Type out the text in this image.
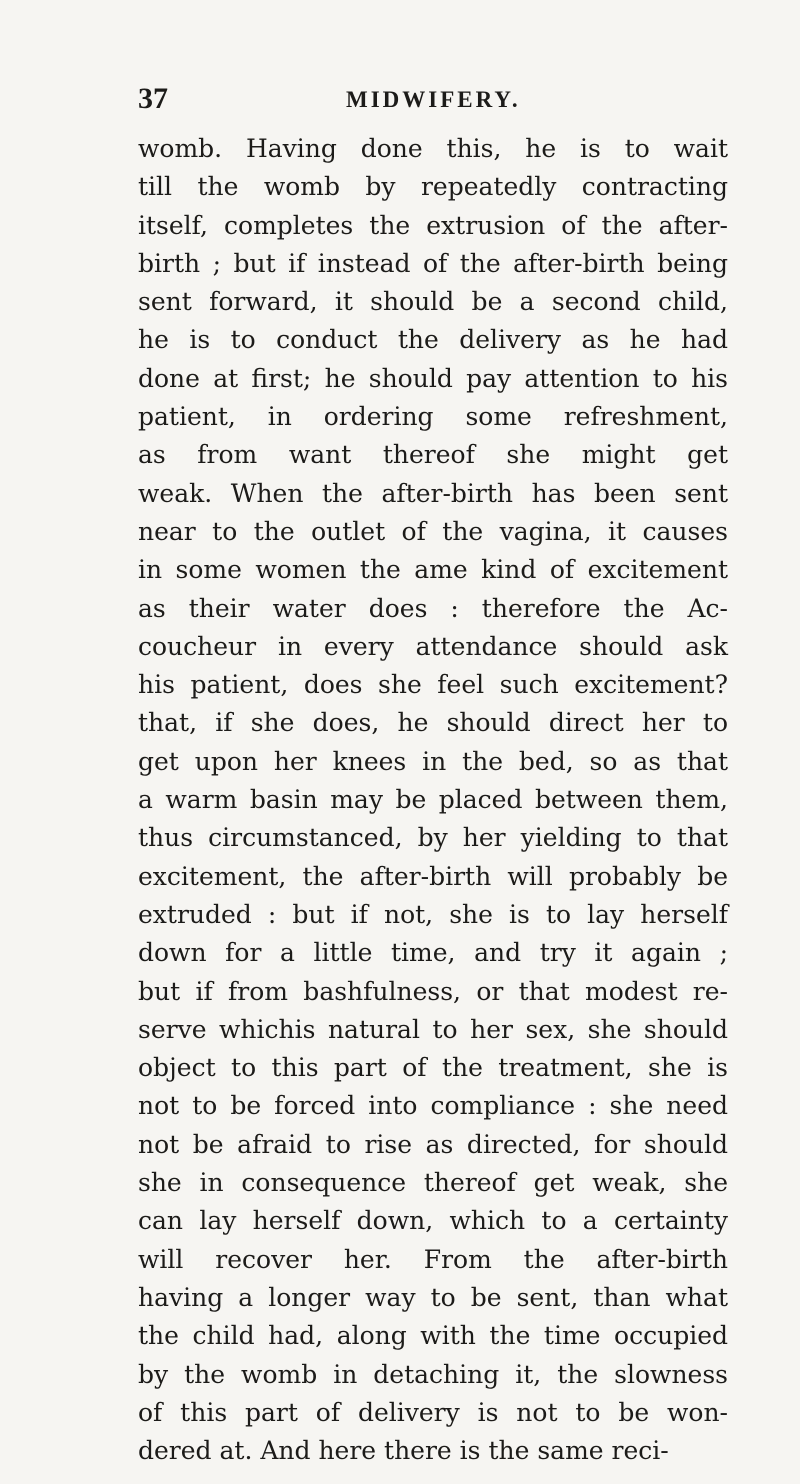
37	MIDWIFERY.
womb. Having done this, he is to wait
till the womb by repeatedly contracting
itself, completes the extrusion of the after-
birth ; but if instead of the after-birth being
sent forward, it should be a second child,
he is to conduct the delivery as he had
done at first; he should pay attention to his
patient, in ordering some refreshment,
as from want thereof she might get
weak. When the after-birth has been sent
near to the outlet of the vagina, it causes
in some women the ame kind of excitement
as their water does : therefore the Ac-
coucheur in every attendance should ask
his patient, does she feel such excitement?
that, if she does, he should direct her to
get upon her knees in the bed, so as that
a warm basin may be placed between them,
thus circumstanced, by her yielding to that
excitement, the after-birth will probably be
extruded : but if not, she is to lay herself
down for a little time, and try it again ;
but if from bashfulness, or that modest re-
serve whichis natural to her sex, she should
object to this part of the treatment, she is
not to be forced into compliance : she need
not be afraid to rise as directed, for should
she in consequence thereof get weak, she
can lay herself down, which to a certainty
will recover her. From the after-birth
having a longer way to be sent, than what
the child had, along with the time occupied
by the womb in detaching it, the slowness
of this part of delivery is not to be won-
dered at. And here there is the same reci-
